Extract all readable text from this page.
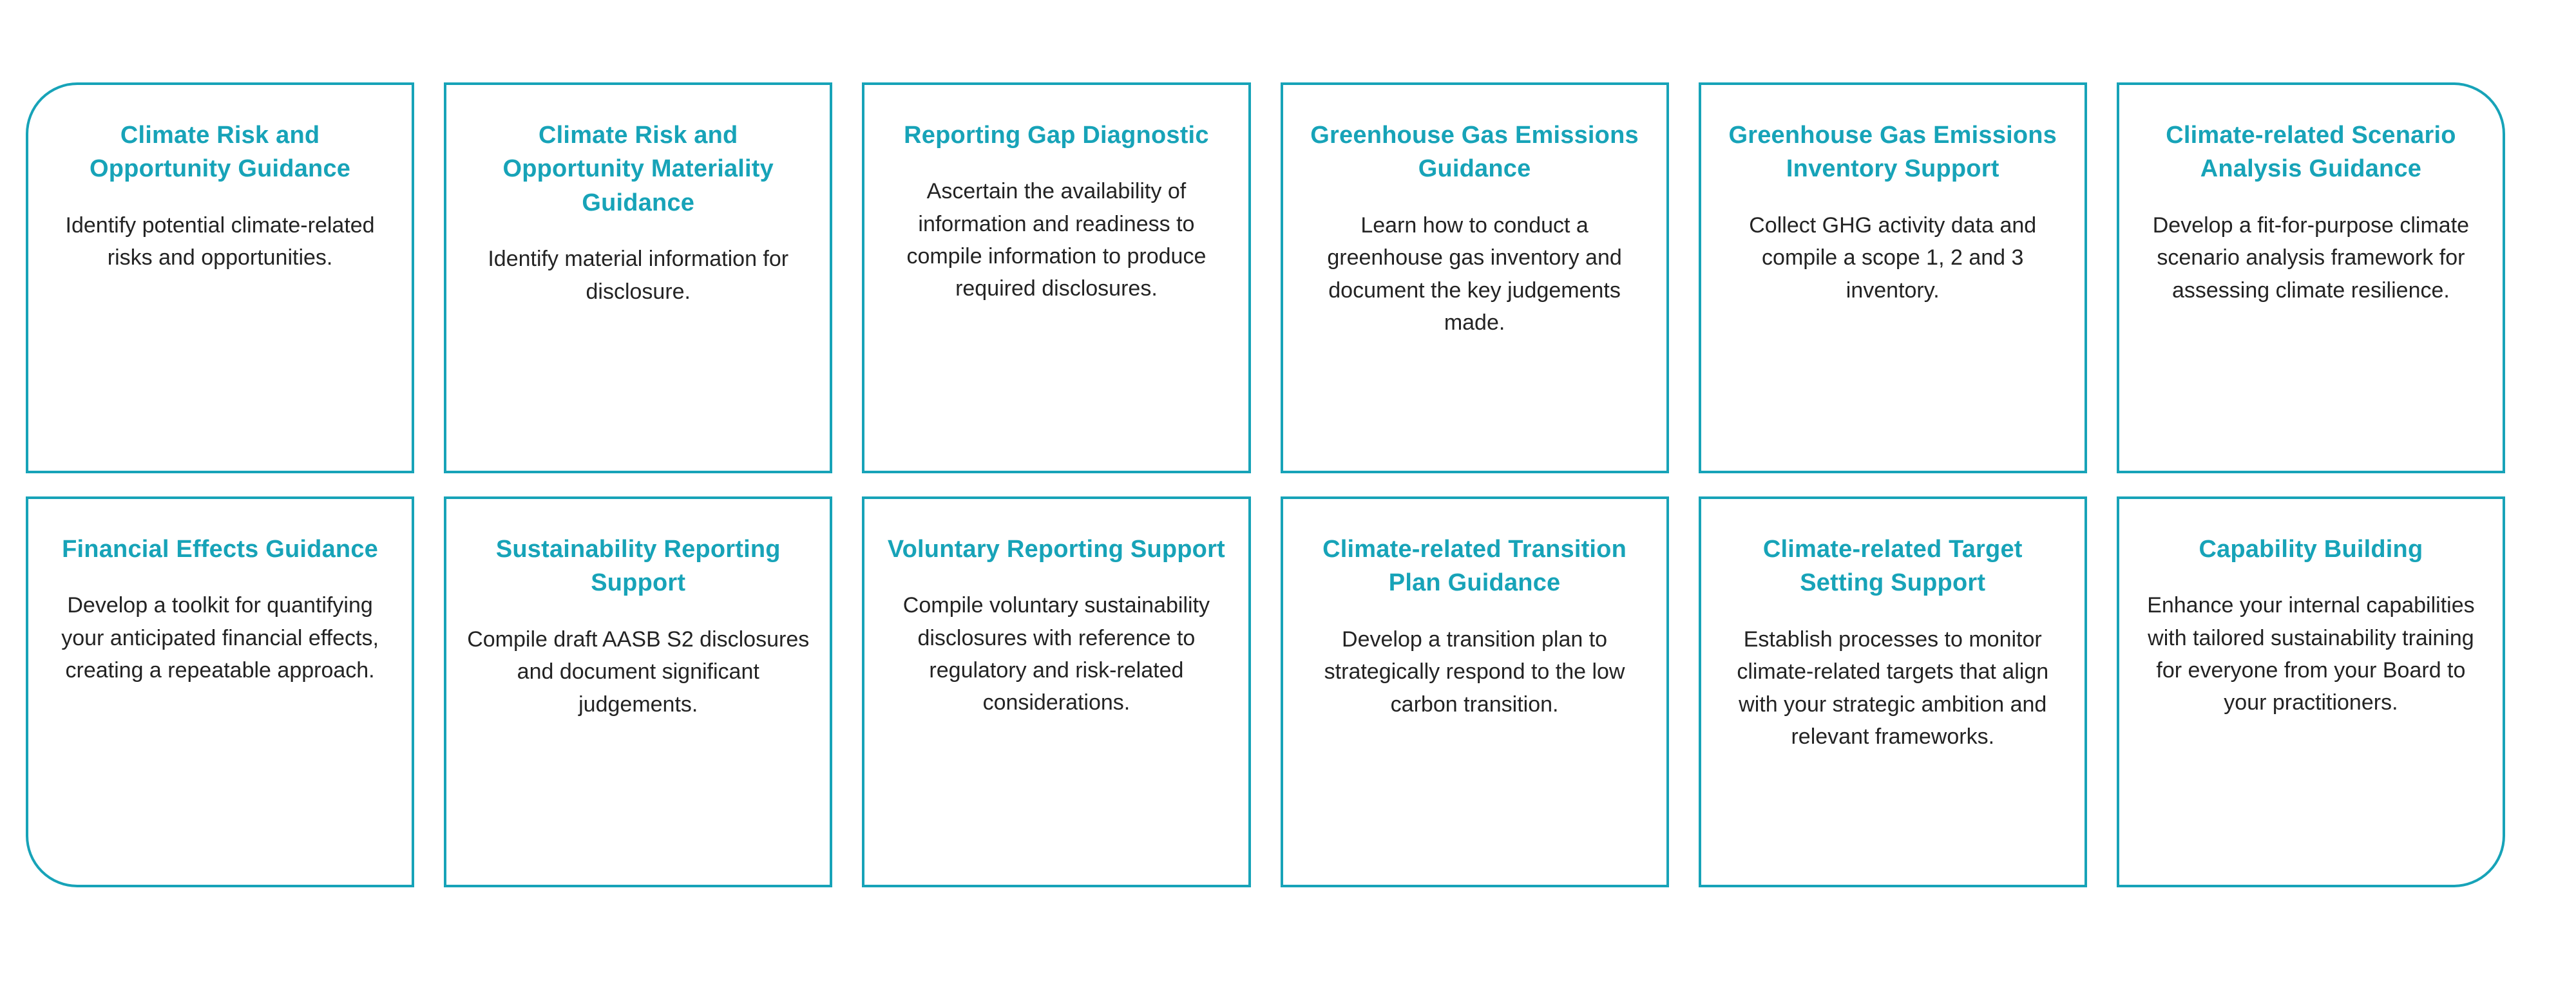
Climate Risk and Opportunity Guidance
Identify potential climate-related risks and opportunities.
Climate Risk and Opportunity Materiality Guidance
Identify material information for disclosure.
Reporting Gap Diagnostic
Ascertain the availability of information and readiness to compile information to produce required disclosures.
Greenhouse Gas Emissions Guidance
Learn how to conduct a greenhouse gas inventory and document the key judgements made.
Greenhouse Gas Emissions Inventory Support
Collect GHG activity data and compile a scope 1, 2 and 3 inventory.
Climate-related Scenario Analysis Guidance
Develop a fit-for-purpose climate scenario analysis framework for assessing climate resilience.
Financial Effects Guidance
Develop a toolkit for quantifying your anticipated financial effects, creating a repeatable approach.
Sustainability Reporting Support
Compile draft AASB S2 disclosures and document significant judgements.
Voluntary Reporting Support
Compile voluntary sustainability disclosures with reference to regulatory and risk-related considerations.
Climate-related Transition Plan Guidance
Develop a transition plan to strategically respond to the low carbon transition.
Climate-related Target Setting Support
Establish processes to monitor climate-related targets that align with your strategic ambition and relevant frameworks.
Capability Building
Enhance your internal capabilities with tailored sustainability training for everyone from your Board to your practitioners.
